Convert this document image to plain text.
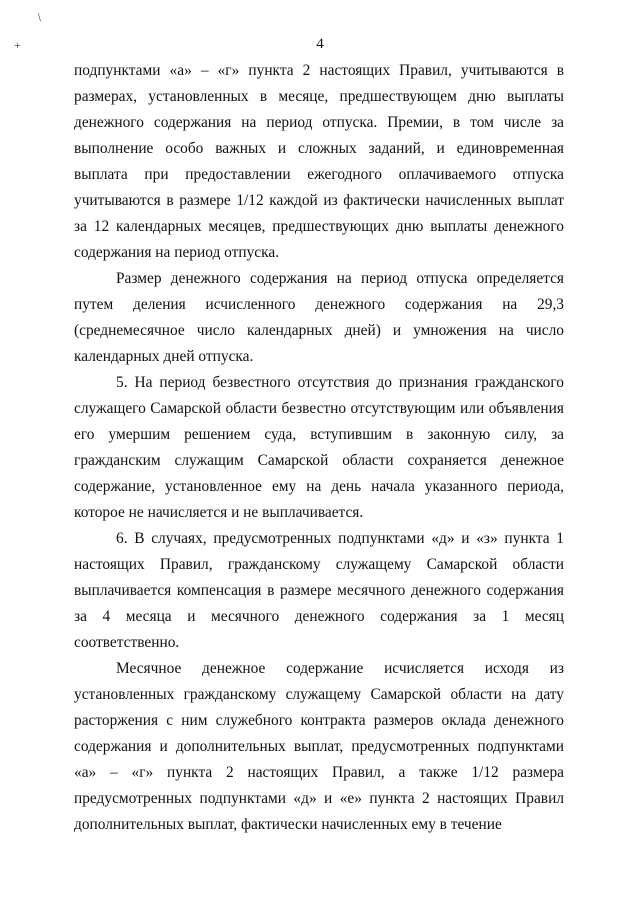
/
+	4

подпунктами «а» – «г» пункта 2 настоящих Правил, учитываются в размерах, установленных в месяце, предшествующем дню выплаты денежного содержания на период отпуска. Премии, в том числе за выполнение особо важных и сложных заданий, и единовременная выплата при предоставлении ежегодного оплачиваемого отпуска учитываются в размере 1/12 каждой из фактически начисленных выплат за 12 календарных месяцев, предшествующих дню выплаты денежного содержания на период отпуска.

Размер денежного содержания на период отпуска определяется путем деления исчисленного денежного содержания на 29,3 (среднемесячное число календарных дней) и умножения на число календарных дней отпуска.

5. На период безвестного отсутствия до признания гражданского служащего Самарской области безвестно отсутствующим или объявления его умершим решением суда, вступившим в законную силу, за гражданским служащим Самарской области сохраняется денежное содержание, установленное ему на день начала указанного периода, которое не начисляется и не выплачивается.

6. В случаях, предусмотренных подпунктами «д» и «з» пункта 1 настоящих Правил, гражданскому служащему Самарской области выплачивается компенсация в размере месячного денежного содержания за 4 месяца и месячного денежного содержания за 1 месяц соответственно.

Месячное денежное содержание исчисляется исходя из установленных гражданскому служащему Самарской области на дату расторжения с ним служебного контракта размеров оклада денежного содержания и дополнительных выплат, предусмотренных подпунктами «а» – «г» пункта 2 настоящих Правил, а также 1/12 размера предусмотренных подпунктами «д» и «е» пункта 2 настоящих Правил дополнительных выплат, фактически начисленных ему в течение
